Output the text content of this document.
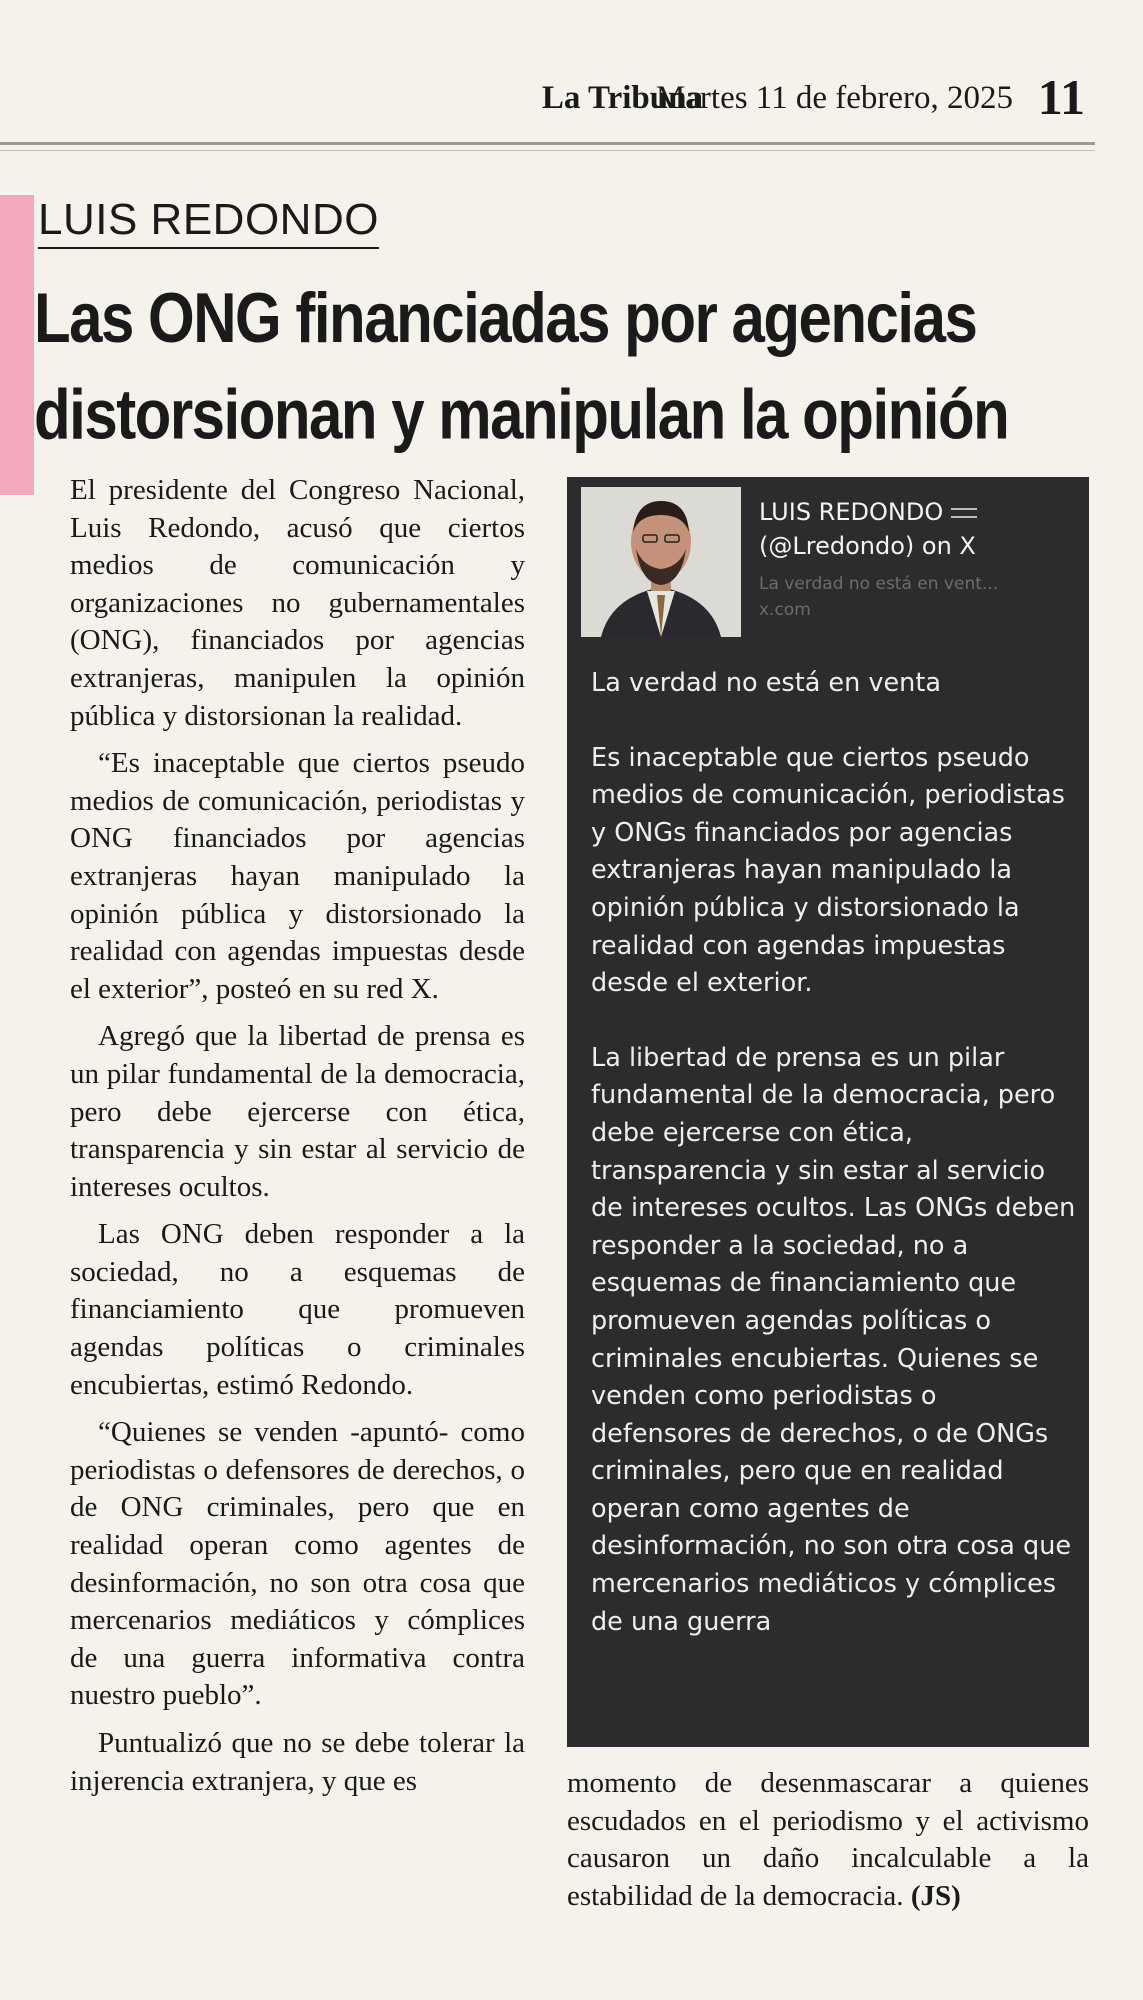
La Tribuna
Martes 11 de febrero, 2025 11
LUIS REDONDO
Las ONG financiadas por agencias distorsionan y manipulan la opinión

El presidente del Congreso Nacional, Luis Redondo, acusó que ciertos medios de comunicación y organizaciones no gubernamentales (ONG), financiados por agencias extranjeras, manipulen la opinión pública y distorsionan la realidad.

“Es inaceptable que ciertos pseudo medios de comunicación, periodistas y ONG financiados por agencias extranjeras hayan manipulado la opinión pública y distorsionado la realidad con agendas impuestas desde el exterior”, posteó en su red X.

Agregó que la libertad de prensa es un pilar fundamental de la democracia, pero debe ejercerse con ética, transparencia y sin estar al servicio de intereses ocultos.

Las ONG deben responder a la sociedad, no a esquemas de financiamiento que promueven agendas políticas o criminales encubiertas, estimó Redondo.

“Quienes se venden -apuntó- como periodistas o defensores de derechos, o de ONG criminales, pero que en realidad operan como agentes de desinformación, no son otra cosa que mercenarios mediáticos y cómplices de una guerra informativa contra nuestro pueblo”.

Puntualizó que no se debe tolerar la injerencia extranjera, y que es

LUIS REDONDO
(@Lredondo) on X
La verdad no está en vent...
x.com

La verdad no está en venta

Es inaceptable que ciertos pseudo medios de comunicación, periodistas y ONGs financiados por agencias extranjeras hayan manipulado la opinión pública y distorsionado la realidad con agendas impuestas desde el exterior.

La libertad de prensa es un pilar fundamental de la democracia, pero debe ejercerse con ética, transparencia y sin estar al servicio de intereses ocultos. Las ONGs deben responder a la sociedad, no a esquemas de financiamiento que promueven agendas políticas o criminales encubiertas. Quienes se venden como periodistas o defensores de derechos, o de ONGs criminales, pero que en realidad operan como agentes de desinformación, no son otra cosa que mercenarios mediáticos y cómplices de una guerra

momento de desenmascarar a quienes escudados en el periodismo y el activismo causaron un daño incalculable a la estabilidad de la democracia. (JS)
